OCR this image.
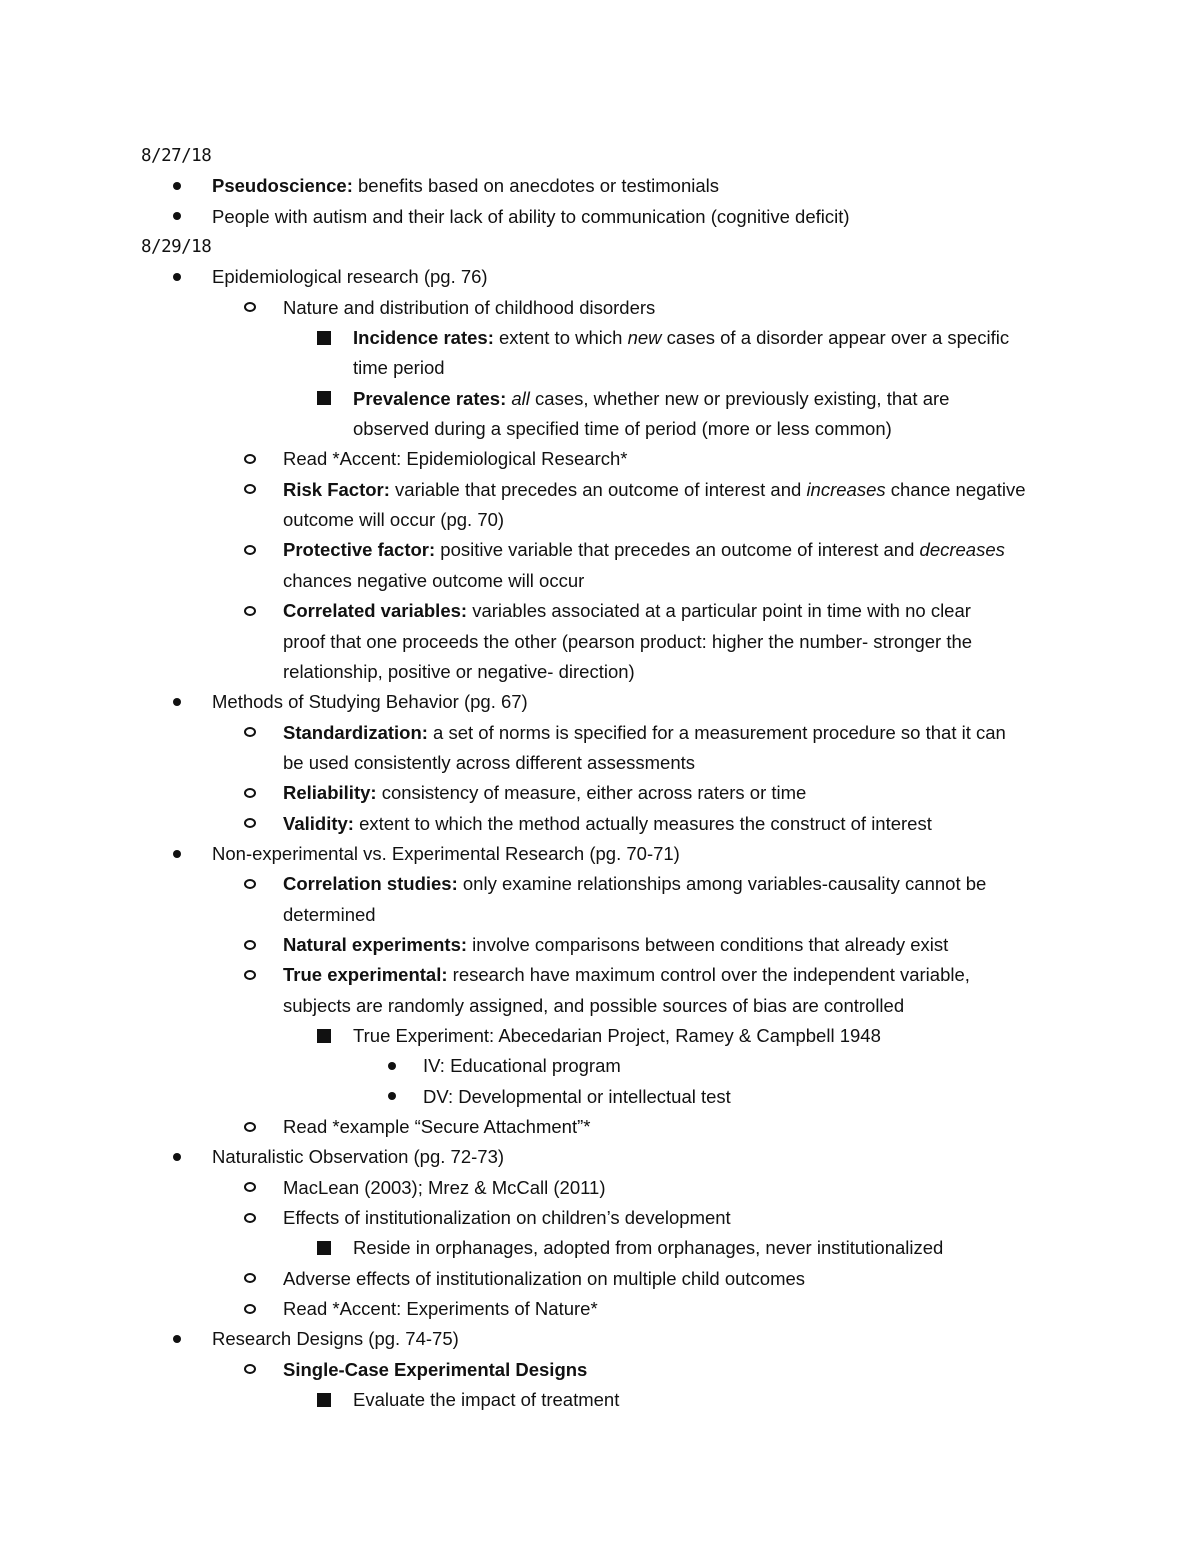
8/27/18
Pseudoscience: benefits based on anecdotes or testimonials
People with autism and their lack of ability to communication (cognitive deficit)
8/29/18
Epidemiological research (pg. 76)
Nature and distribution of childhood disorders
Incidence rates: extent to which new cases of a disorder appear over a specific
time period
Prevalence rates: all cases, whether new or previously existing, that are
observed during a specified time of period (more or less common)
Read *Accent: Epidemiological Research*
Risk Factor: variable that precedes an outcome of interest and increases chance negative
outcome will occur (pg. 70)
Protective factor: positive variable that precedes an outcome of interest and decreases
chances negative outcome will occur
Correlated variables: variables associated at a particular point in time with no clear
proof that one proceeds the other (pearson product: higher the number- stronger the
relationship, positive or negative- direction)
Methods of Studying Behavior (pg. 67)
Standardization: a set of norms is specified for a measurement procedure so that it can
be used consistently across different assessments
Reliability: consistency of measure, either across raters or time
Validity: extent to which the method actually measures the construct of interest
Non-experimental vs. Experimental Research (pg. 70-71)
Correlation studies: only examine relationships among variables-causality cannot be
determined
Natural experiments: involve comparisons between conditions that already exist
True experimental: research have maximum control over the independent variable,
subjects are randomly assigned, and possible sources of bias are controlled
True Experiment: Abecedarian Project, Ramey & Campbell 1948
IV: Educational program
DV: Developmental or intellectual test
Read *example “Secure Attachment”*
Naturalistic Observation (pg. 72-73)
MacLean (2003); Mrez & McCall (2011)
Effects of institutionalization on children’s development
Reside in orphanages, adopted from orphanages, never institutionalized
Adverse effects of institutionalization on multiple child outcomes
Read *Accent: Experiments of Nature*
Research Designs (pg. 74-75)
Single-Case Experimental Designs
Evaluate the impact of treatment
